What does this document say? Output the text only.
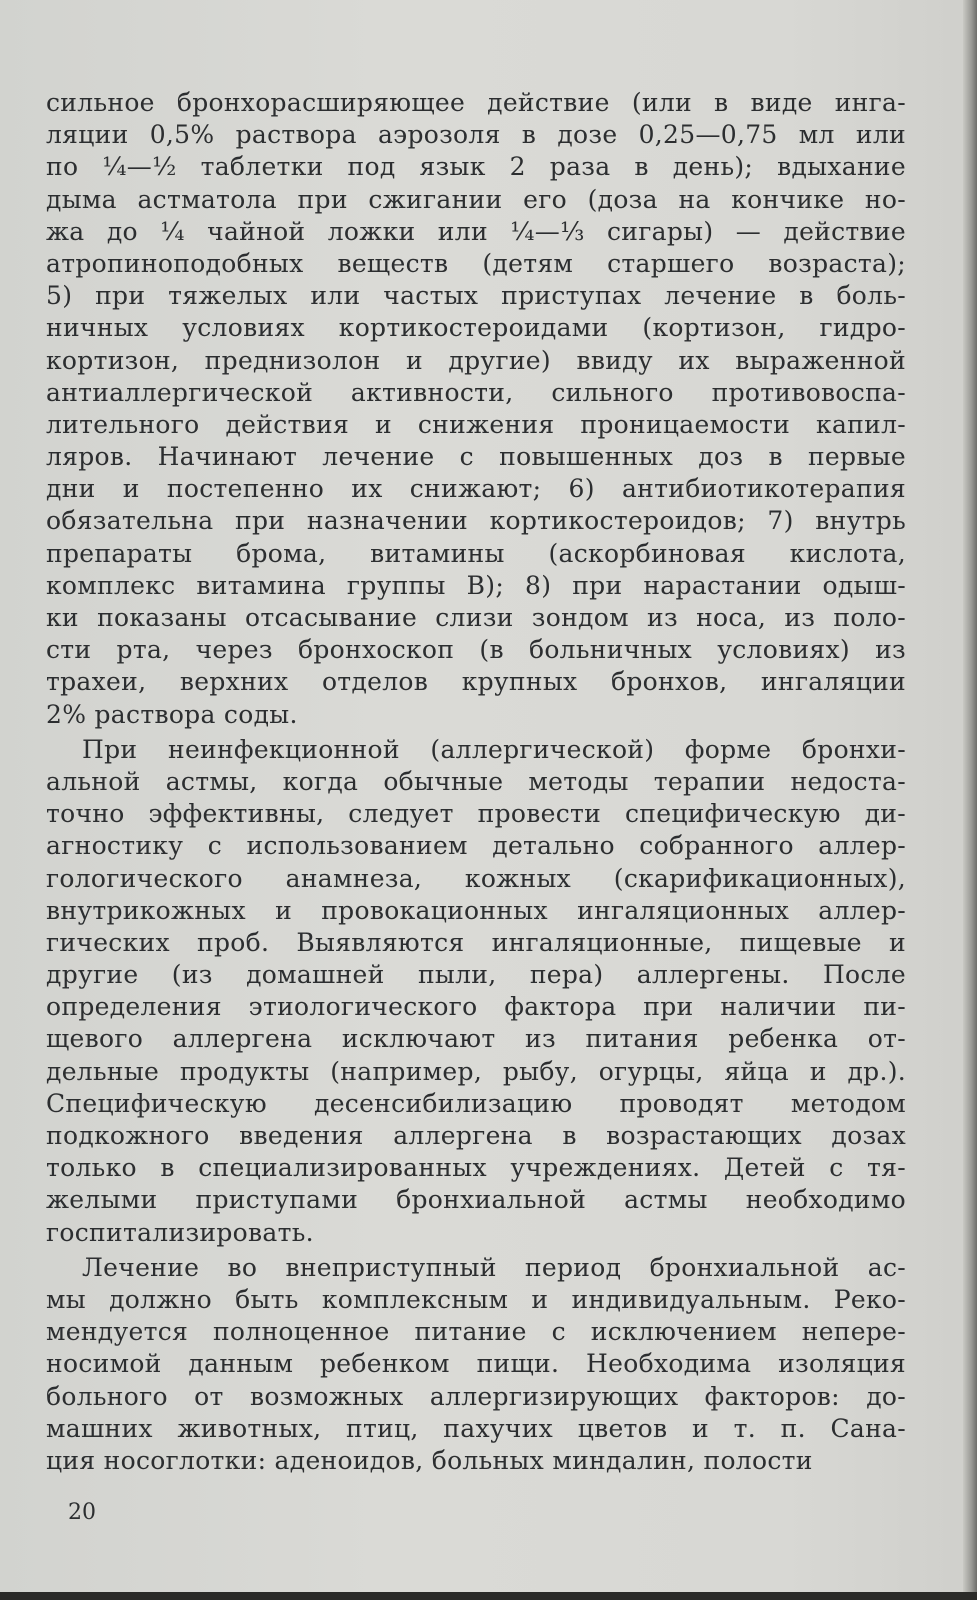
сильное бронхорасширяющее действие (или в виде инга-
ляции 0,5% раствора аэрозоля в дозе 0,25—0,75 мл или
по ¼—½ таблетки под язык 2 раза в день); вдыхание
дыма астматола при сжигании его (доза на кончике но-
жа до ¼ чайной ложки или ¼—⅓ сигары) — действие
атропиноподобных веществ (детям старшего возраста);
5) при тяжелых или частых приступах лечение в боль-
ничных условиях кортикостероидами (кортизон, гидро-
кортизон, преднизолон и другие) ввиду их выраженной
антиаллергической активности, сильного противовоспа-
лительного действия и снижения проницаемости капил-
ляров. Начинают лечение с повышенных доз в первые
дни и постепенно их снижают; 6) антибиотикотерапия
обязательна при назначении кортикостероидов; 7) внутрь
препараты брома, витамины (аскорбиновая кислота,
комплекс витамина группы В); 8) при нарастании одыш-
ки показаны отсасывание слизи зондом из носа, из поло-
сти рта, через бронхоскоп (в больничных условиях) из
трахеи, верхних отделов крупных бронхов, ингаляции
2% раствора соды.
При неинфекционной (аллергической) форме бронхи-
альной астмы, когда обычные методы терапии недоста-
точно эффективны, следует провести специфическую ди-
агностику с использованием детально собранного аллер-
гологического анамнеза, кожных (скарификационных),
внутрикожных и провокационных ингаляционных аллер-
гических проб. Выявляются ингаляционные, пищевые и
другие (из домашней пыли, пера) аллергены. После
определения этиологического фактора при наличии пи-
щевого аллергена исключают из питания ребенка от-
дельные продукты (например, рыбу, огурцы, яйца и др.).
Специфическую десенсибилизацию проводят методом
подкожного введения аллергена в возрастающих дозах
только в специализированных учреждениях. Детей с тя-
желыми приступами бронхиальной астмы необходимо
госпитализировать.
Лечение во внеприступный период бронхиальной ас-
мы должно быть комплексным и индивидуальным. Реко-
мендуется полноценное питание с исключением непере-
носимой данным ребенком пищи. Необходима изоляция
больного от возможных аллергизирующих факторов: до-
машних животных, птиц, пахучих цветов и т. п. Сана-
ция носоглотки: аденоидов, больных миндалин, полости
20
